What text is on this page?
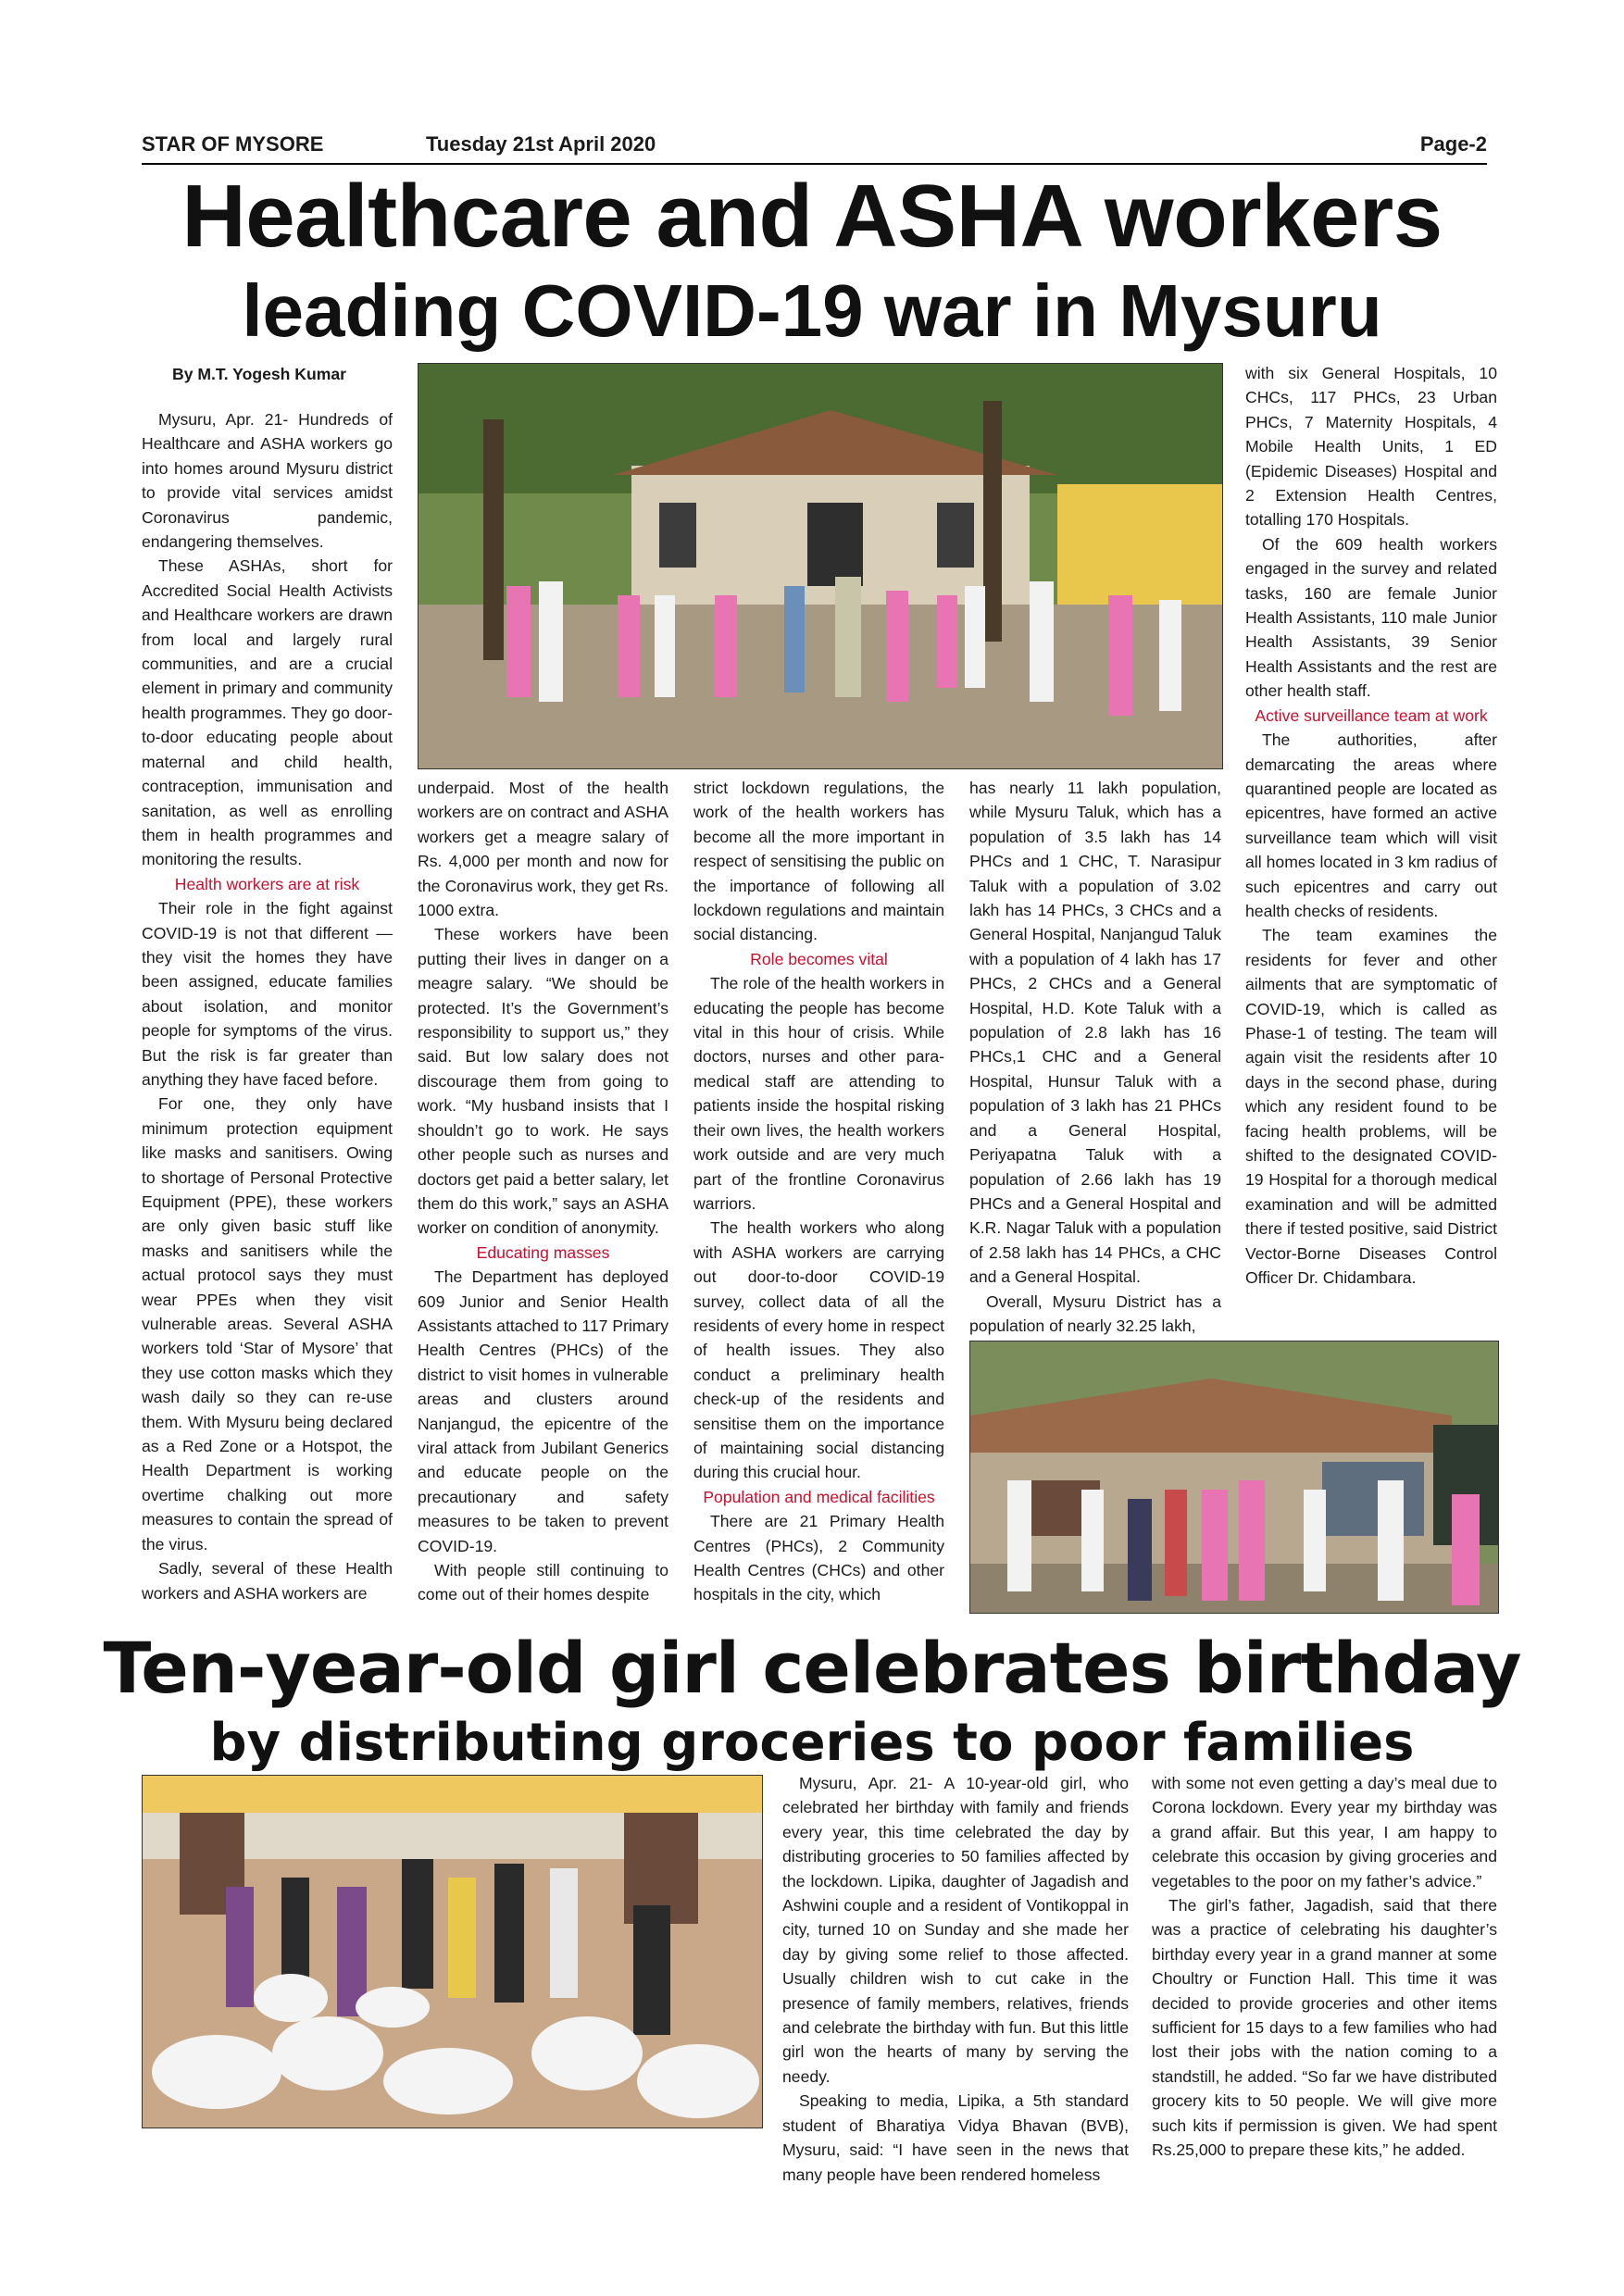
STAR OF MYSORE	Tuesday 21st April 2020	Page-2
Healthcare and ASHA workers
leading COVID-19 war in Mysuru
By M.T. Yogesh Kumar

Mysuru, Apr. 21- Hundreds of Healthcare and ASHA workers go into homes around Mysuru district to provide vital services amidst Coronavirus pandemic, endangering themselves.

These ASHAs, short for Accredited Social Health Activists and Healthcare workers are drawn from local and largely rural communities, and are a crucial element in primary and community health programmes. They go door-to-door educating people about maternal and child health, contraception, immunisation and sanitation, as well as enrolling them in health programmes and monitoring the results.

Health workers are at risk

Their role in the fight against COVID-19 is not that different — they visit the homes they have been assigned, educate families about isolation, and monitor people for symptoms of the virus. But the risk is far greater than anything they have faced before.

For one, they only have minimum protection equipment like masks and sanitisers. Owing to shortage of Personal Protective Equipment (PPE), these workers are only given basic stuff like masks and sanitisers while the actual protocol says they must wear PPEs when they visit vulnerable areas. Several ASHA workers told ‘Star of Mysore’ that they use cotton masks which they wash daily so they can re-use them. With Mysuru being declared as a Red Zone or a Hotspot, the Health Department is working overtime chalking out more measures to contain the spread of the virus.

Sadly, several of these Health workers and ASHA workers are

underpaid. Most of the health workers are on contract and ASHA workers get a meagre salary of Rs. 4,000 per month and now for the Coronavirus work, they get Rs. 1000 extra.

These workers have been putting their lives in danger on a meagre salary. “We should be protected. It’s the Government’s responsibility to support us,” they said. But low salary does not discourage them from going to work. “My husband insists that I shouldn’t go to work. He says other people such as nurses and doctors get paid a better salary, let them do this work,” says an ASHA worker on condition of anonymity.

Educating masses

The Department has deployed 609 Junior and Senior Health Assistants attached to 117 Primary Health Centres (PHCs) of the district to visit homes in vulnerable areas and clusters around Nanjangud, the epicentre of the viral attack from Jubilant Generics and educate people on the precautionary and safety measures to be taken to prevent COVID-19.

With people still continuing to come out of their homes despite

strict lockdown regulations, the work of the health workers has become all the more important in respect of sensitising the public on the importance of following all lockdown regulations and maintain social distancing.

Role becomes vital

The role of the health workers in educating the people has become vital in this hour of crisis. While doctors, nurses and other para-medical staff are attending to patients inside the hospital risking their own lives, the health workers work outside and are very much part of the frontline Coronavirus warriors.

The health workers who along with ASHA workers are carrying out door-to-door COVID-19 survey, collect data of all the residents of every home in respect of health issues. They also conduct a preliminary health check-up of the residents and sensitise them on the importance of maintaining social distancing during this crucial hour.

Population and medical facilities

There are 21 Primary Health Centres (PHCs), 2 Community Health Centres (CHCs) and other hospitals in the city, which

has nearly 11 lakh population, while Mysuru Taluk, which has a population of 3.5 lakh has 14 PHCs and 1 CHC, T. Narasipur Taluk with a population of 3.02 lakh has 14 PHCs, 3 CHCs and a General Hospital, Nanjangud Taluk with a population of 4 lakh has 17 PHCs, 2 CHCs and a General Hospital, H.D. Kote Taluk with a population of 2.8 lakh has 16 PHCs,1 CHC and a General Hospital, Hunsur Taluk with a population of 3 lakh has 21 PHCs and a General Hospital, Periyapatna Taluk with a population of 2.66 lakh has 19 PHCs and a General Hospital and K.R. Nagar Taluk with a population of 2.58 lakh has 14 PHCs, a CHC and a General Hospital.

Overall, Mysuru District has a population of nearly 32.25 lakh,

with six General Hospitals, 10 CHCs, 117 PHCs, 23 Urban PHCs, 7 Maternity Hospitals, 4 Mobile Health Units, 1 ED (Epidemic Diseases) Hospital and 2 Extension Health Centres, totalling 170 Hospitals.

Of the 609 health workers engaged in the survey and related tasks, 160 are female Junior Health Assistants, 110 male Junior Health Assistants, 39 Senior Health Assistants and the rest are other health staff.

Active surveillance team at work

The authorities, after demarcating the areas where quarantined people are located as epicentres, have formed an active surveillance team which will visit all homes located in 3 km radius of such epicentres and carry out health checks of residents.

The team examines the residents for fever and other ailments that are symptomatic of COVID-19, which is called as Phase-1 of testing. The team will again visit the residents after 10 days in the second phase, during which any resident found to be facing health problems, will be shifted to the designated COVID-19 Hospital for a thorough medical examination and will be admitted there if tested positive, said District Vector-Borne Diseases Control Officer Dr. Chidambara.

Ten-year-old girl celebrates birthday
by distributing groceries to poor families

Mysuru, Apr. 21- A 10-year-old girl, who celebrated her birthday with family and friends every year, this time celebrated the day by distributing groceries to 50 families affected by the lockdown. Lipika, daughter of Jagadish and Ashwini couple and a resident of Vontikoppal in city, turned 10 on Sunday and she made her day by giving some relief to those affected. Usually children wish to cut cake in the presence of family members, relatives, friends and celebrate the birthday with fun. But this little girl won the hearts of many by serving the needy.

Speaking to media, Lipika, a 5th standard student of Bharatiya Vidya Bhavan (BVB), Mysuru, said: “I have seen in the news that many people have been rendered homeless

with some not even getting a day’s meal due to Corona lockdown. Every year my birthday was a grand affair. But this year, I am happy to celebrate this occasion by giving groceries and vegetables to the poor on my father’s advice.”

The girl’s father, Jagadish, said that there was a practice of celebrating his daughter’s birthday every year in a grand manner at some Choultry or Function Hall. This time it was decided to provide groceries and other items sufficient for 15 days to a few families who had lost their jobs with the nation coming to a standstill, he added. “So far we have distributed grocery kits to 50 people. We will give more such kits if permission is given. We had spent Rs.25,000 to prepare these kits,” he added.
